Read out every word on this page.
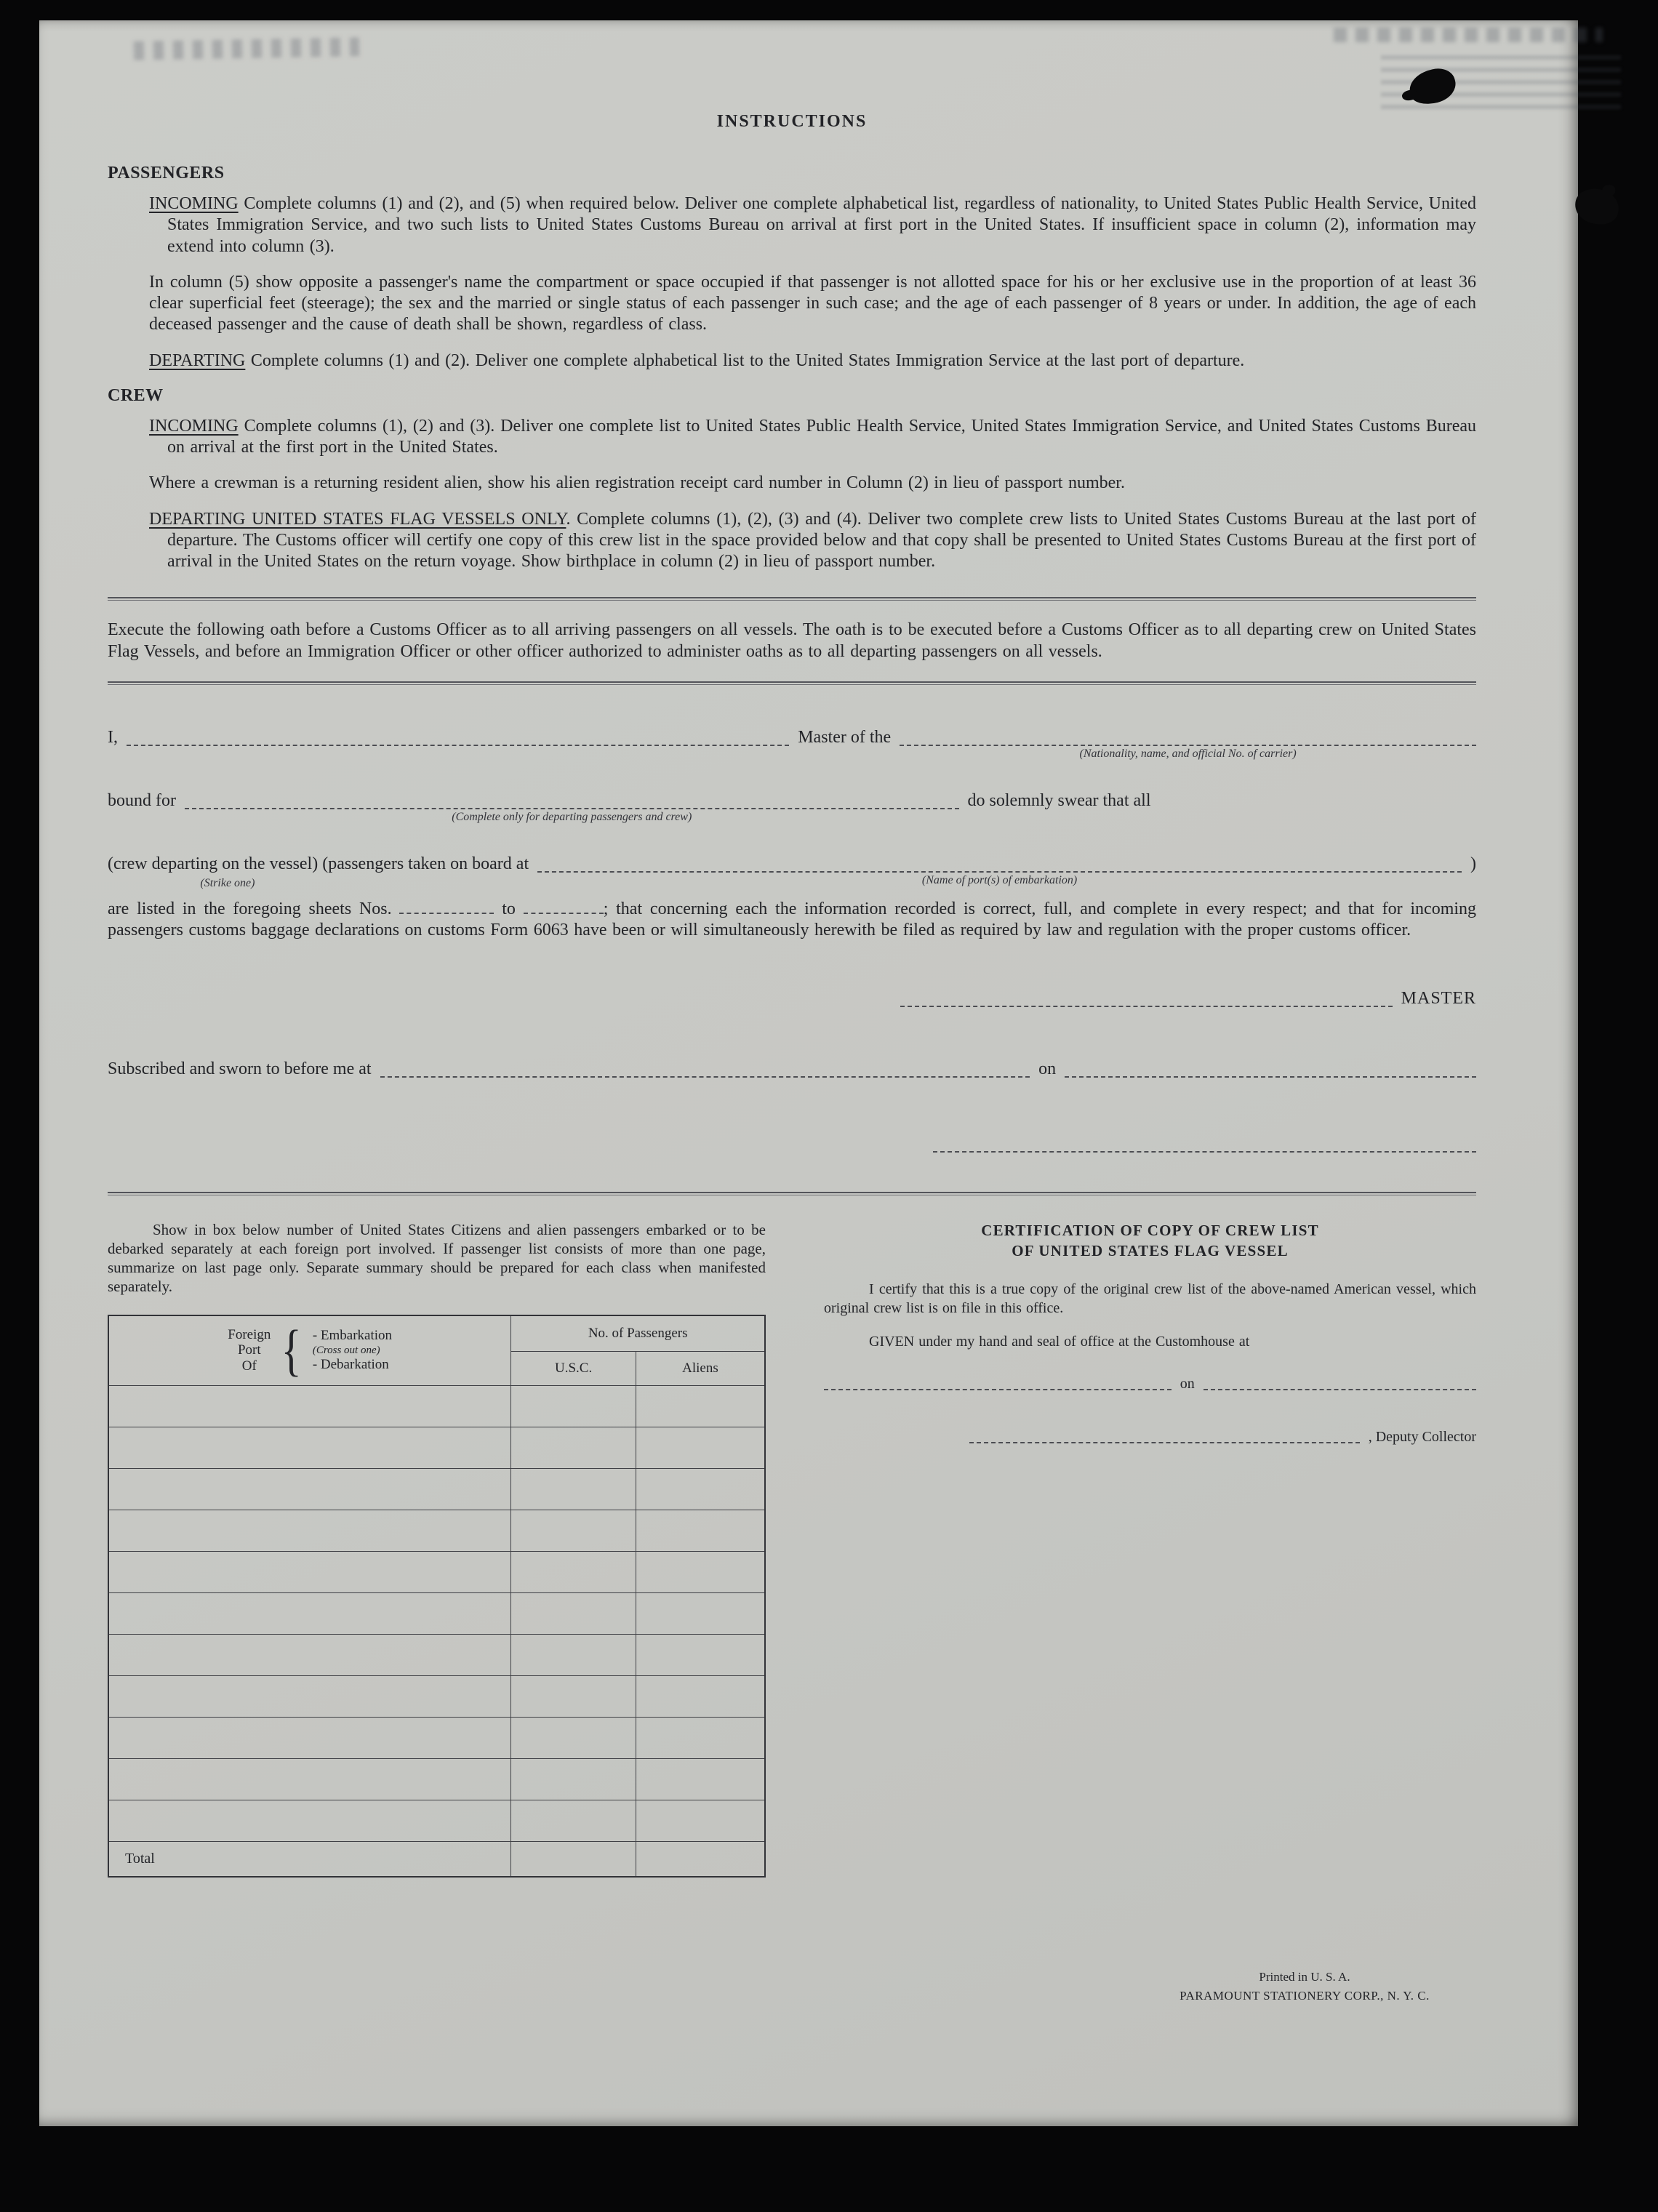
INSTRUCTIONS
PASSENGERS

INCOMING Complete columns (1) and (2), and (5) when required below. Deliver one complete alphabetical list, regardless of nationality, to United States Public Health Service, United States Immigration Service, and two such lists to United States Customs Bureau on arrival at first port in the United States. If insufficient space in column (2), information may extend into column (3).

In column (5) show opposite a passenger's name the compartment or space occupied if that passenger is not allotted space for his or her exclusive use in the proportion of at least 36 clear superficial feet (steerage); the sex and the married or single status of each passenger in such case; and the age of each passenger of 8 years or under. In addition, the age of each deceased passenger and the cause of death shall be shown, regardless of class.

DEPARTING Complete columns (1) and (2). Deliver one complete alphabetical list to the United States Immigration Service at the last port of departure.

CREW

INCOMING Complete columns (1), (2) and (3). Deliver one complete list to United States Public Health Service, United States Immigration Service, and United States Customs Bureau on arrival at the first port in the United States.

Where a crewman is a returning resident alien, show his alien registration receipt card number in Column (2) in lieu of passport number.

DEPARTING UNITED STATES FLAG VESSELS ONLY. Complete columns (1), (2), (3) and (4). Deliver two complete crew lists to United States Customs Bureau at the last port of departure. The Customs officer will certify one copy of this crew list in the space provided below and that copy shall be presented to United States Customs Bureau at the first port of arrival in the United States on the return voyage. Show birthplace in column (2) in lieu of passport number.

Execute the following oath before a Customs Officer as to all arriving passengers on all vessels. The oath is to be executed before a Customs Officer as to all departing crew on United States Flag Vessels, and before an Immigration Officer or other officer authorized to administer oaths as to all departing passengers on all vessels.

I,	Master of the
(Nationality, name, and official No. of carrier)
bound for
(Complete only for departing passengers and crew)
do solemnly swear that all
(crew departing on the vessel) (passengers taken on board at
(Strike one)	(Name of port(s) of embarkation)
)

are listed in the foregoing sheets Nos.	to	; that concerning each the information recorded is correct, full, and complete in every respect; and that for incoming passengers customs baggage declarations on customs Form 6063 have been or will simultaneously herewith be filed as required by law and regulation with the proper customs officer.

MASTER
Subscribed and sworn to before me at	on

Show in box below number of United States Citizens and alien passengers embarked or to be debarked separately at each foreign port involved. If passenger list consists of more than one page, summarize on last page only. Separate summary should be prepared for each class when manifested separately.

Foreign
Port
Of { - Embarkation
(Cross out one)
- Debarkation
	No. of Passengers
	U.S.C.	Aliens

Total		
CERTIFICATION OF COPY OF CREW LIST
OF UNITED STATES FLAG VESSEL

I certify that this is a true copy of the original crew list of the above-named American vessel, which original crew list is on file in this office.

GIVEN under my hand and seal of office at the Customhouse at

on
, Deputy Collector
Printed in U. S. A.
PARAMOUNT STATIONERY CORP., N. Y. C.
